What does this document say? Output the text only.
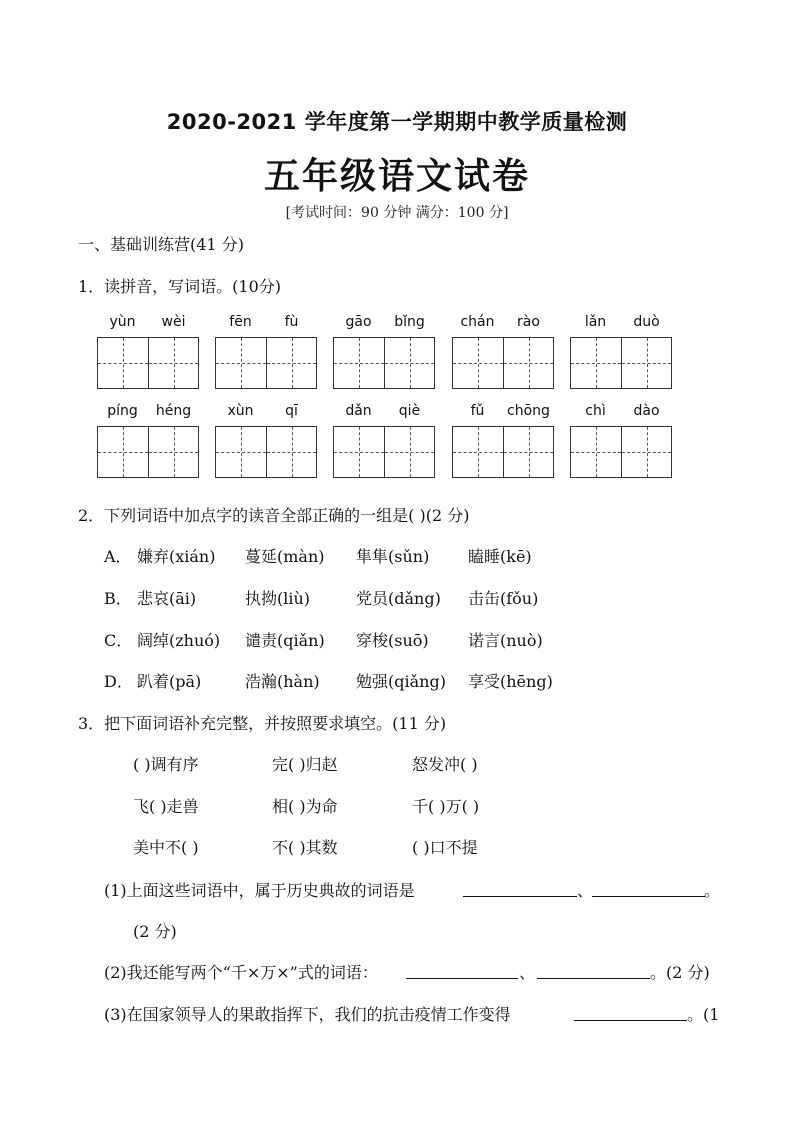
2020-2021 学年度第一学期期中教学质量检测
五年级语文试卷
[考试时间：90 分钟 满分：100 分]
一、基础训练营(41 分)
1．读拼音，写词语。(10分)
yùn	wèi	fēn	fù	gāo	bǐng	chán	rào	lǎn	duò
píng	héng	xùn	qī	dǎn	qiè	fǔ	chōng	chì	dào
2．下列词语中加点字的读音全部正确的一组是( )(2 分)
A． 嫌弃(xián) 蔓延(màn) 隼隼(sǔn) 瞌睡(kē)
B． 悲哀(āi)	执拗(liù)	党员(dǎng) 击缶(fǒu)
C． 阔绰(zhuó) 谴责(qiǎn) 穿梭(suō) 诺言(nuò)
D． 趴着(pā)	浩瀚(hàn) 勉强(qiǎng) 享受(hēng)
3．把下面词语补充完整，并按照要求填空。(11 分)
( )调有序	完( )归赵	怒发冲( )
飞( )走兽	相( )为命	千( )万( )
美中不( )	不( )其数	( )口不提
(1)上面这些词语中，属于历史典故的词语是	、	。
(2 分)
(2)我还能写两个“千×万×”式的词语：	、	。(2 分)
(3)在国家领导人的果敢指挥下，我们的抗击疫情工作变得	。(1
